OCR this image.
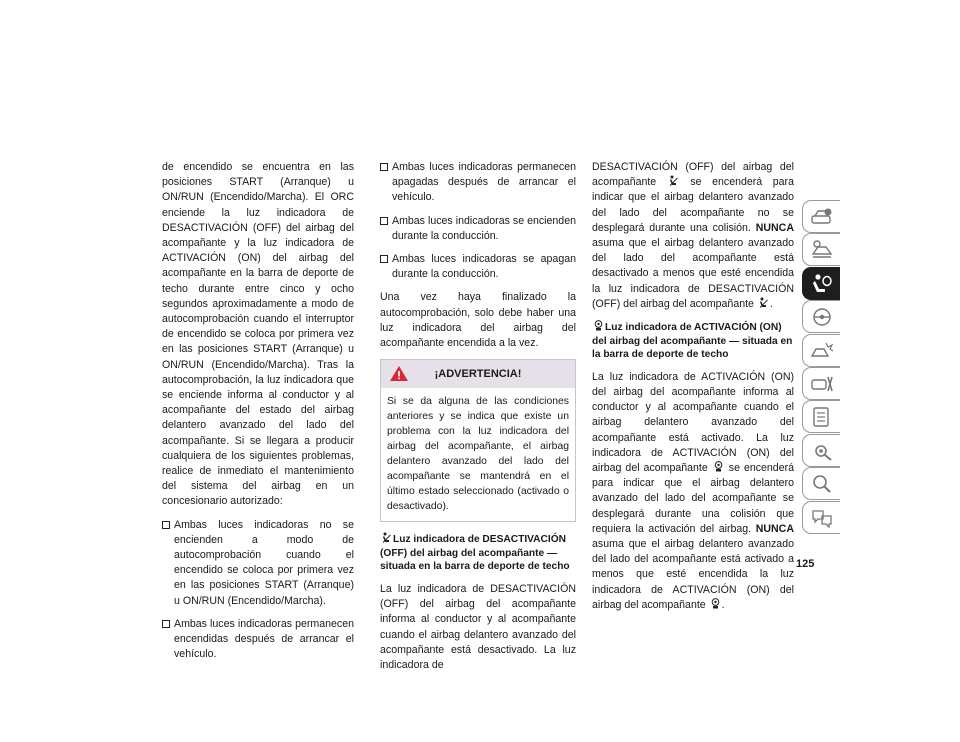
de encendido se encuentra en las posiciones START (Arranque) u ON/RUN (Encendido/Marcha). El ORC enciende la luz indicadora de DESACTIVACIÓN (OFF) del airbag del acompañante y la luz indicadora de ACTIVACIÓN (ON) del airbag del acompañante en la barra de deporte de techo durante entre cinco y ocho segundos aproximadamente a modo de autocomprobación cuando el interruptor de encendido se coloca por primera vez en las posiciones START (Arranque) u ON/RUN (Encendido/Marcha). Tras la autocomprobación, la luz indicadora que se enciende informa al conductor y al acompañante del estado del airbag delantero avanzado del lado del acompañante. Si se llegara a producir cualquiera de los siguientes problemas, realice de inmediato el mantenimiento del sistema del airbag en un concesionario autorizado:

Ambas luces indicadoras no se encienden a modo de autocomprobación cuando el encendido se coloca por primera vez en las posiciones START (Arranque) u ON/RUN (Encendido/Marcha).
Ambas luces indicadoras permanecen encendidas después de arrancar el vehículo.
Ambas luces indicadoras permanecen apagadas después de arrancar el vehículo.
Ambas luces indicadoras se encienden durante la conducción.
Ambas luces indicadoras se apagan durante la conducción.

Una vez haya finalizado la autocomprobación, solo debe haber una luz indicadora del airbag del acompañante encendida a la vez.

¡ADVERTENCIA!
Si se da alguna de las condiciones anteriores y se indica que existe un problema con la luz indicadora del airbag del acompañante, el airbag delantero avanzado del lado del acompañante se mantendrá en el último estado seleccionado (activado o desactivado).
Luz indicadora de DESACTIVACIÓN (OFF) del airbag del acompañante — situada en la barra de deporte de techo

La luz indicadora de DESACTIVACIÓN (OFF) del airbag del acompañante informa al conductor y al acompañante cuando el airbag delantero avanzado del acompañante está desactivado. La luz indicadora de

DESACTIVACIÓN (OFF) del airbag del acompañante	se encenderá para indicar que el airbag delantero avanzado del lado del acompañante no se desplegará durante una colisión. NUNCA asuma que el airbag delantero avanzado del lado del acompañante está desactivado a menos que esté encendida la luz indicadora de DESACTIVACIÓN (OFF) del airbag del acompañante .

Luz indicadora de ACTIVACIÓN (ON) del airbag del acompañante — situada en la barra de deporte de techo

La luz indicadora de ACTIVACIÓN (ON) del airbag del acompañante informa al conductor y al acompañante cuando el airbag delantero avanzado del acompañante está activado. La luz indicadora de ACTIVACIÓN (ON) del airbag del acompañante se encenderá para indicar que el airbag delantero avanzado del lado del acompañante se desplegará durante una colisión que requiera la activación del airbag. NUNCA asuma que el airbag delantero avanzado del lado del acompañante está activado a menos que esté encendida la luz indicadora de ACTIVACIÓN (ON) del airbag del acompañante .

125
